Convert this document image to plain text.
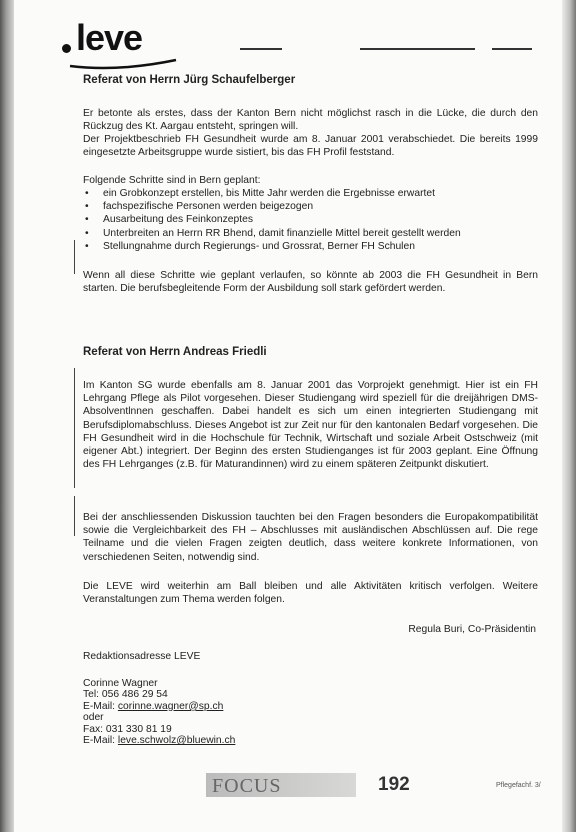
leve
Referat von Herrn Jürg Schaufelberger

Er betonte als erstes, dass der Kanton Bern nicht möglichst rasch in die Lücke, die durch den Rückzug des Kt. Aargau entsteht, springen will.

Der Projektbeschrieb FH Gesundheit wurde am 8. Januar 2001 verabschiedet. Die bereits 1999 eingesetzte Arbeitsgruppe wurde sistiert, bis das FH Profil feststand.

Folgende Schritte sind in Bern geplant:

• ein Grobkonzept erstellen, bis Mitte Jahr werden die Ergebnisse erwartet
• fachspezifische Personen werden beigezogen
• Ausarbeitung des Feinkonzeptes
• Unterbreiten an Herrn RR Bhend, damit finanzielle Mittel bereit gestellt werden
• Stellungnahme durch Regierungs- und Grossrat, Berner FH Schulen

Wenn all diese Schritte wie geplant verlaufen, so könnte ab 2003 die FH Gesundheit in Bern starten. Die berufsbegleitende Form der Ausbildung soll stark gefördert werden.

Referat von Herrn Andreas Friedli

Im Kanton SG wurde ebenfalls am 8. Januar 2001 das Vorprojekt genehmigt. Hier ist ein FH Lehrgang Pflege als Pilot vorgesehen. Dieser Studiengang wird speziell für die dreijährigen DMS- Absolventlnnen geschaffen. Dabei handelt es sich um einen integrierten Studiengang mit Berufsdiplomabschluss. Dieses Angebot ist zur Zeit nur für den kantonalen Bedarf vorgesehen. Die FH Gesundheit wird in die Hochschule für Technik, Wirtschaft und soziale Arbeit Ostschweiz (mit eigener Abt.) integriert. Der Beginn des ersten Studienganges ist für 2003 geplant. Eine Öffnung des FH Lehrganges (z.B. für Maturandinnen) wird zu einem späteren Zeitpunkt diskutiert.

Bei der anschliessenden Diskussion tauchten bei den Fragen besonders die Europakompatibilität sowie die Vergleichbarkeit des FH – Abschlusses mit ausländischen Abschlüssen auf. Die rege Teilname und die vielen Fragen zeigten deutlich, dass weitere konkrete Informationen, von verschiedenen Seiten, notwendig sind.

Die LEVE wird weiterhin am Ball bleiben und alle Aktivitäten kritisch verfolgen. Weitere Veranstaltungen zum Thema werden folgen.

Regula Buri, Co-Präsidentin
Redaktionsadresse LEVE
Corinne Wagner
Tel: 056 486 29 54
E-Mail: corinne.wagner@sp.ch
oder
Fax: 031 330 81 19
E-Mail: leve.schwolz@bluewin.ch
FOCUS	192	Pflegefachf. 3/
